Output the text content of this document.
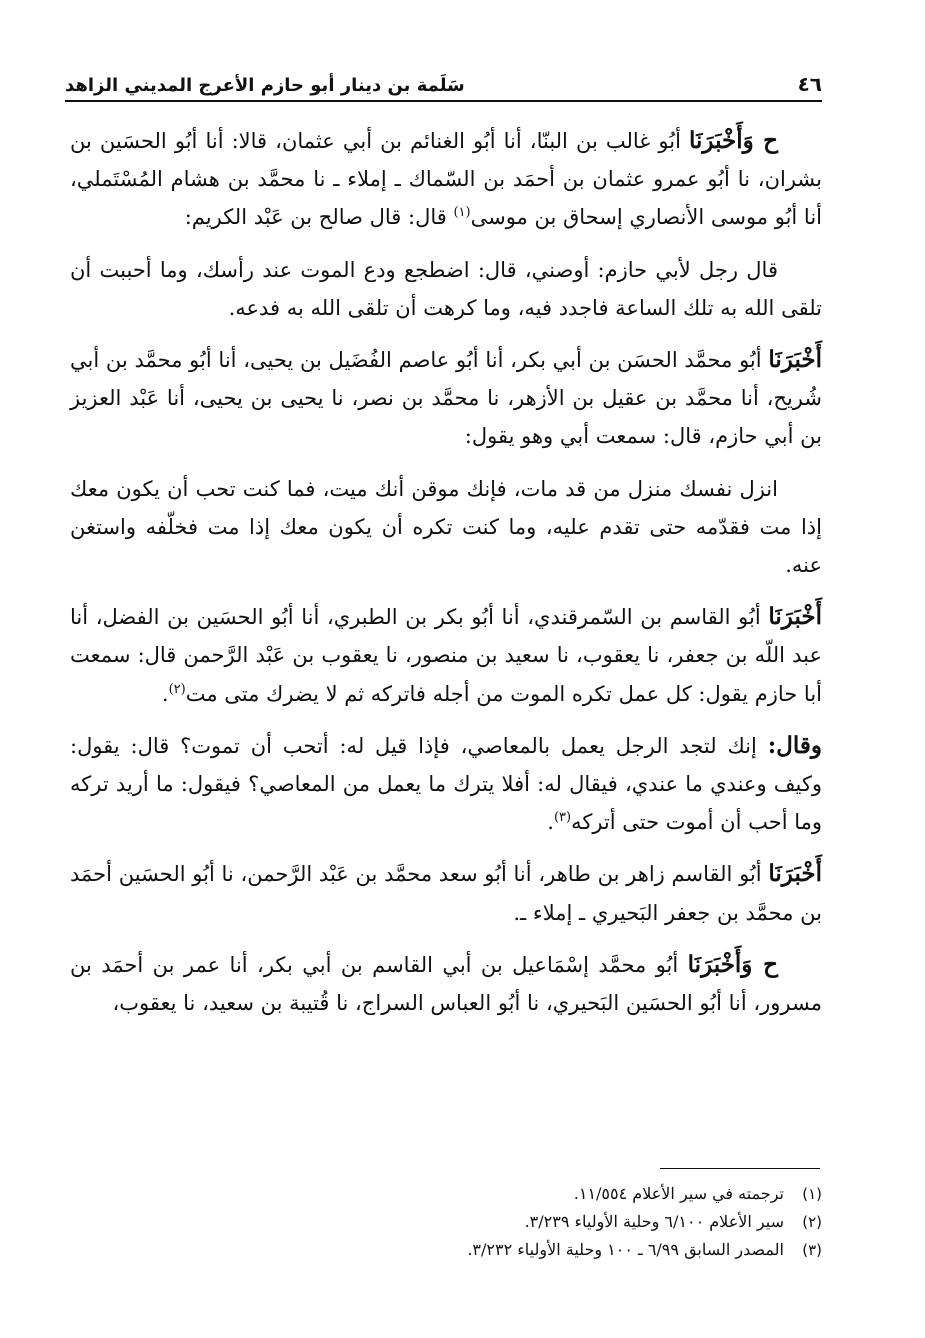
٤٦
سَلَمة بن دينار أبو حازم الأعرج المديني الزاهد

ح وَأَخْبَرَنَا أبُو غالب بن البنّا، أنا أبُو الغنائم بن أبي عثمان، قالا: أنا أبُو الحسَين بن بشران، نا أبُو عمرو عثمان بن أحمَد بن السّماك ـ إملاء ـ نا محمَّد بن هشام المُسْتَملي، أنا أبُو موسى الأنصاري إسحاق بن موسى$^{(١)}$ قال: قال صالح بن عَبْد الكريم:

قال رجل لأبي حازم: أوصني، قال: اضطجع ودع الموت عند رأسك، وما أحببت أن تلقى الله به تلك الساعة فاجدد فيه، وما كرهت أن تلقى الله به فدعه.

أَخْبَرَنَا أبُو محمَّد الحسَن بن أبي بكر، أنا أبُو عاصم الفُضَيل بن يحيى، أنا أبُو محمَّد بن أبي شُريح، أنا محمَّد بن عقيل بن الأزهر، نا محمَّد بن نصر، نا يحيى بن يحيى، أنا عَبْد العزيز بن أبي حازم، قال: سمعت أبي وهو يقول:

انزل نفسك منزل من قد مات، فإنك موقن أنك ميت، فما كنت تحب أن يكون معك إذا مت فقدّمه حتى تقدم عليه، وما كنت تكره أن يكون معك إذا مت فخلّفه واستغن عنه.

أَخْبَرَنَا أبُو القاسم بن السّمرقندي، أنا أبُو بكر بن الطبري، أنا أبُو الحسَين بن الفضل، أنا عبد اللّه بن جعفر، نا يعقوب، نا سعيد بن منصور، نا يعقوب بن عَبْد الرَّحمن قال: سمعت أبا حازم يقول: كل عمل تكره الموت من أجله فاتركه ثم لا يضرك متى مت$^{(٢)}$.

وقال: إنك لتجد الرجل يعمل بالمعاصي، فإذا قيل له: أتحب أن تموت؟ قال: يقول: وكيف وعندي ما عندي، فيقال له: أفلا يترك ما يعمل من المعاصي؟ فيقول: ما أريد تركه وما أحب أن أموت حتى أتركه$^{(٣)}$.

أَخْبَرَنَا أبُو القاسم زاهر بن طاهر، أنا أبُو سعد محمَّد بن عَبْد الرَّحمن، نا أبُو الحسَين أحمَد بن محمَّد بن جعفر البَحيري ـ إملاء ـ.

ح وَأَخْبَرَنَا أبُو محمَّد إسْمَاعيل بن أبي القاسم بن أبي بكر، أنا عمر بن أحمَد بن مسرور، أنا أبُو الحسَين البَحيري، نا أبُو العباس السراج، نا قُتيبة بن سعيد، نا يعقوب،

(١)
ترجمته في سير الأعلام ١١/٥٥٤.
(٢)
سير الأعلام ٦/١٠٠ وحلية الأولياء ٣/٢٣٩.
(٣)
المصدر السابق ٦/٩٩ ـ ١٠٠ وحلية الأولياء ٣/٢٣٢.
